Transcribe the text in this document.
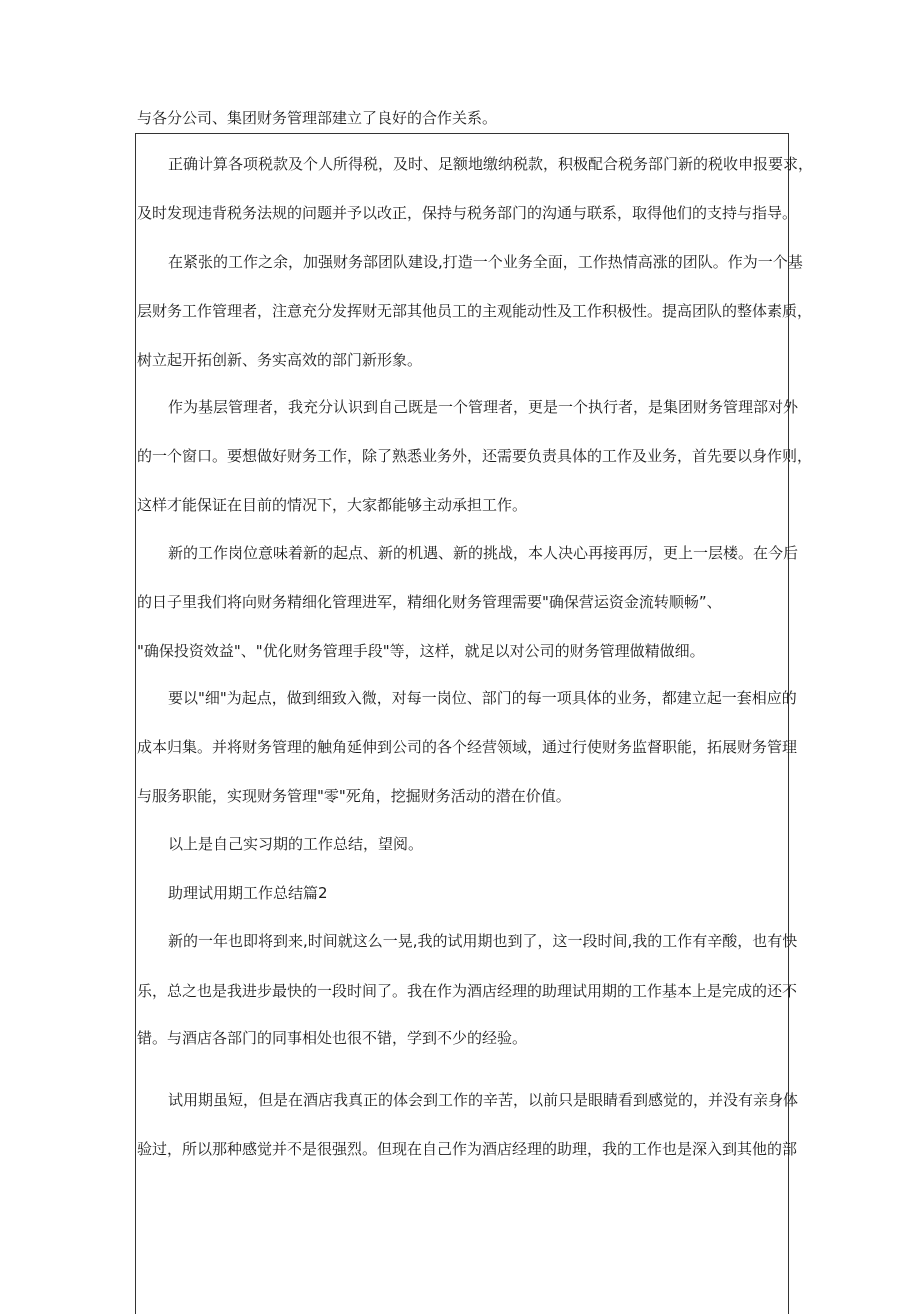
与各分公司、集团财务管理部建立了良好的合作关系。
正确计算各项税款及个人所得税，及时、足额地缴纳税款，积极配合税务部门新的税收申报要求，
及时发现违背税务法规的问题并予以改正，保持与税务部门的沟通与联系，取得他们的支持与指导。
在紧张的工作之余，加强财务部团队建设,打造一个业务全面，工作热情高涨的团队。作为一个基
层财务工作管理者，注意充分发挥财无部其他员工的主观能动性及工作积极性。提高团队的整体素质，
树立起开拓创新、务实高效的部门新形象。
作为基层管理者，我充分认识到自己既是一个管理者，更是一个执行者，是集团财务管理部对外
的一个窗口。要想做好财务工作，除了熟悉业务外，还需要负责具体的工作及业务，首先要以身作则，
这样才能保证在目前的情况下，大家都能够主动承担工作。
新的工作岗位意味着新的起点、新的机遇、新的挑战，本人决心再接再厉，更上一层楼。在今后
的日子里我们将向财务精细化管理进军，精细化财务管理需要"确保营运资金流转顺畅”、
"确保投资效益"、"优化财务管理手段"等，这样，就足以对公司的财务管理做精做细。
要以"细"为起点，做到细致入微，对每一岗位、部门的每一项具体的业务，都建立起一套相应的
成本归集。并将财务管理的触角延伸到公司的各个经营领域，通过行使财务监督职能，拓展财务管理
与服务职能，实现财务管理"零"死角，挖掘财务活动的潜在价值。
以上是自己实习期的工作总结，望阅。
助理试用期工作总结篇2
新的一年也即将到来,时间就这么一晃,我的试用期也到了，这一段时间,我的工作有辛酸，也有快
乐，总之也是我进步最快的一段时间了。我在作为酒店经理的助理试用期的工作基本上是完成的还不
错。与酒店各部门的同事相处也很不错，学到不少的经验。
试用期虽短，但是在酒店我真正的体会到工作的辛苦，以前只是眼睛看到感觉的，并没有亲身体
验过，所以那种感觉并不是很强烈。但现在自己作为酒店经理的助理，我的工作也是深入到其他的部
